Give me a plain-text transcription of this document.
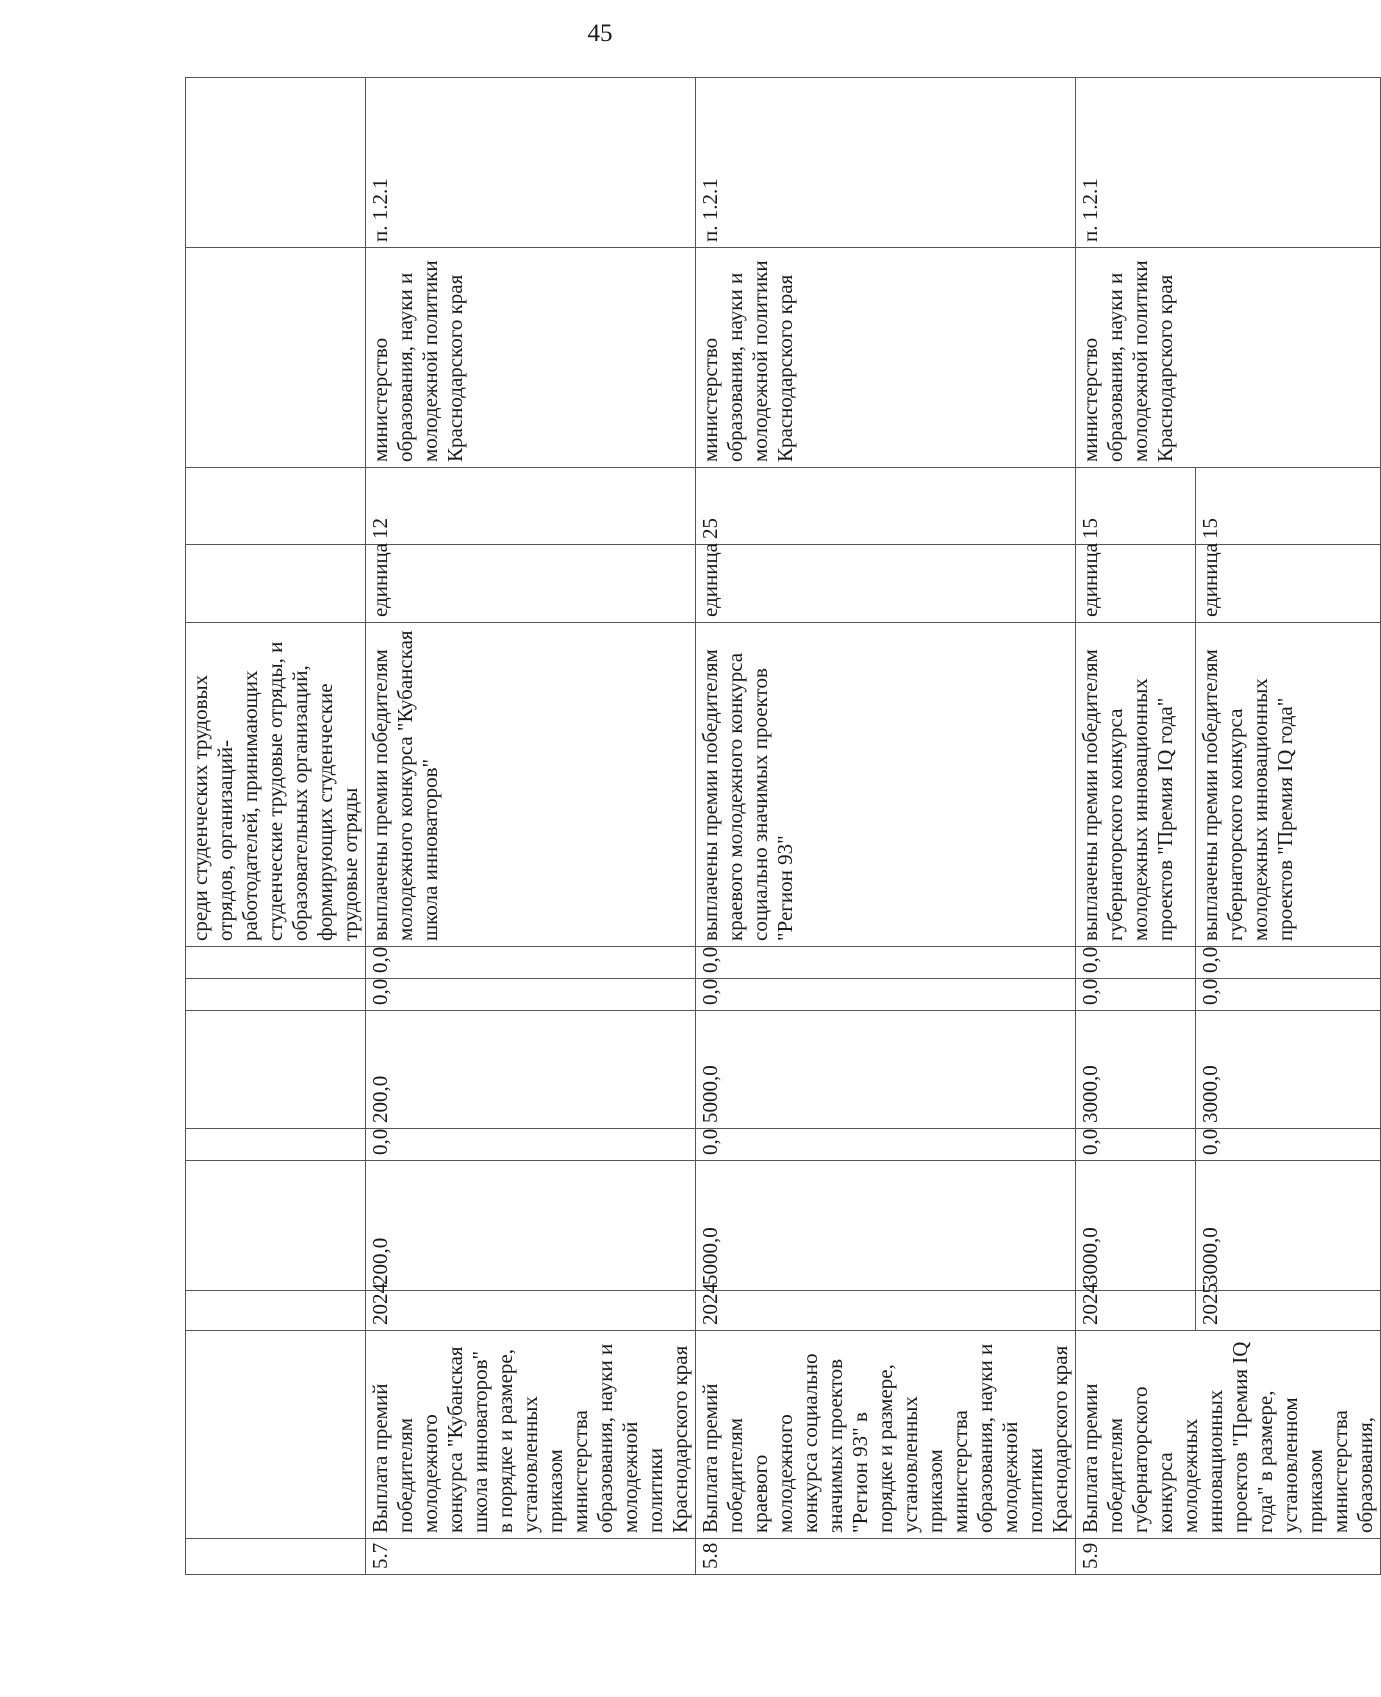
45
								среди студенческих трудовых отрядов, организаций-работодателей, принимающих студенческие трудовые отряды, и образовательных организаций, формирующих студенческие трудовые отряды				
5.7	Выплата премий победителям молодежного конкурса "Кубанская школа инноваторов" в порядке и размере, установленных приказом министерства образования, науки и молодежной политики Краснодарского края	2024	200,0	0,0	200,0	0,0	0,0	выплачены премии победителям молодежного конкурса "Кубанская школа инноваторов"	единица	12	министерство образования, науки и молодежной политики Краснодарского края	п. 1.2.1
5.8	Выплата премий победителям краевого молодежного конкурса социально значимых проектов "Регион 93" в порядке и размере, установленных приказом министерства образования, науки и молодежной политики Краснодарского края	2024	5000,0	0,0	5000,0	0,0	0,0	выплачены премии победителям краевого молодежного конкурса социально значимых проектов "Регион 93"	единица	25	министерство образования, науки и молодежной политики Краснодарского края	п. 1.2.1
5.9	Выплата премии победителям губернаторского конкурса молодежных инновационных проектов "Премия IQ года" в размере, установленном приказом министерства образования,	2024	3000,0	0,0	3000,0	0,0	0,0	выплачены премии победителям губернаторского конкурса молодежных инновационных проектов "Премия IQ года"	единица	15	министерство образования, науки и молодежной политики Краснодарского края	п. 1.2.1
		2025	3000,0	0,0	3000,0	0,0	0,0	выплачены премии победителям губернаторского конкурса молодежных инновационных проектов "Премия IQ года"	единица	15		
